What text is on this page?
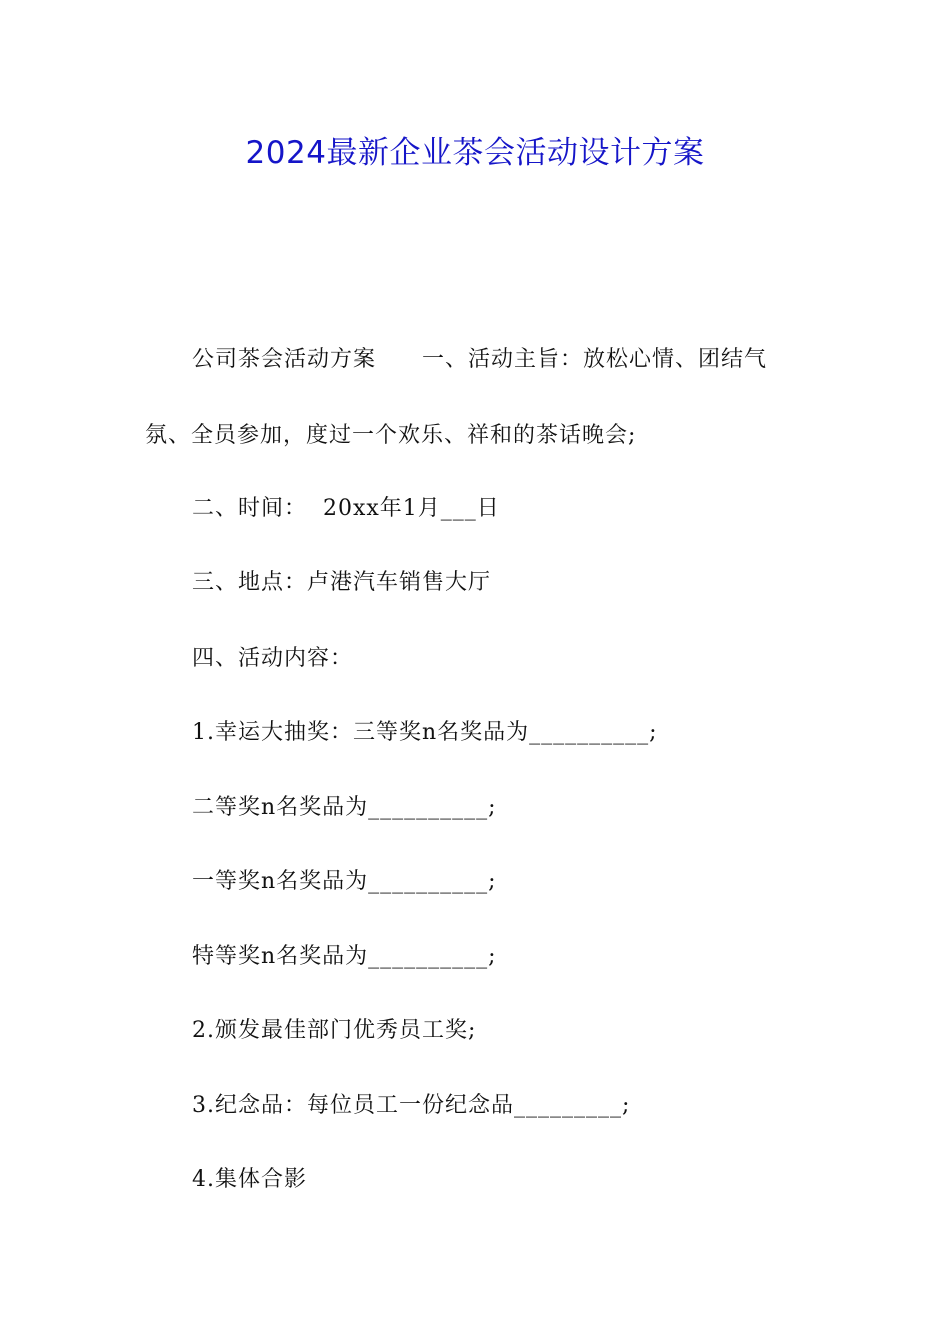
2024最新企业茶会活动设计方案
公司茶会活动方案　　一、活动主旨：放松心情、团结气
氛、全员参加，度过一个欢乐、祥和的茶话晚会;
二、时间：  20xx年1月___日
三、地点：卢港汽车销售大厅
四、活动内容：
1.幸运大抽奖：三等奖n名奖品为__________;
二等奖n名奖品为__________;
一等奖n名奖品为__________;
特等奖n名奖品为__________;
2.颁发最佳部门优秀员工奖;
3.纪念品：每位员工一份纪念品_________;
4.集体合影
